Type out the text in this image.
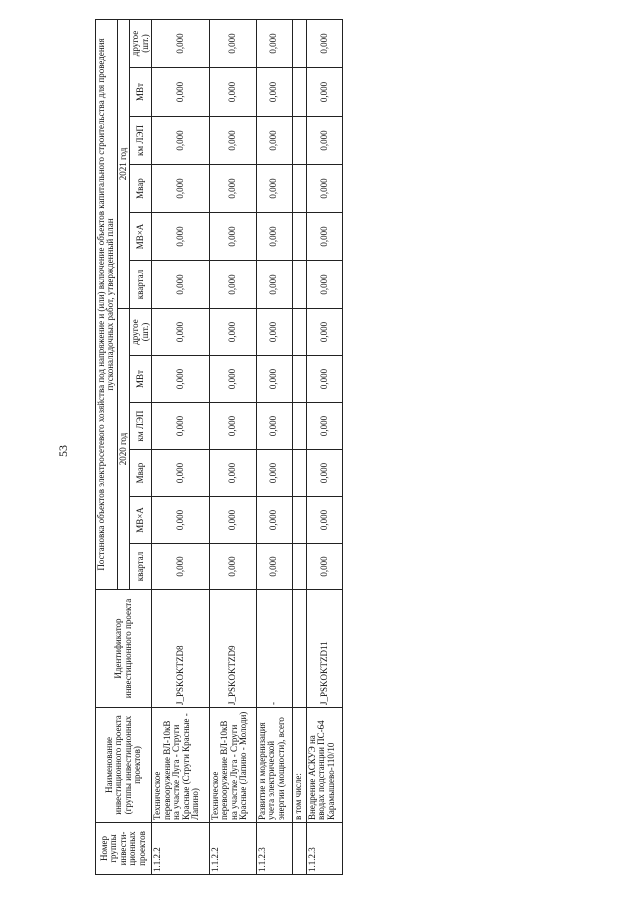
53
Номер группы инвести-ционных проектов	Наименование инвестиционного проекта (группы инвестиционных проектов)	Идентификатор инвестиционного проекта	Постановка объектов электросетевого хозяйства под напряжение и (или) включение объектов капитального строительства для проведения пусконаладочных работ, утвержденный план											
			2020 год						2021 год					
			квартал	МВ×А	Мвар	км ЛЭП	МВт	другое (шт.)	квартал	МВ×А	Мвар	км ЛЭП	МВт	другое (шт.)
1.1.2.2	Техническое перевооружение ВЛ-10кВ на участке Луга - Струги Красные (Струги Красные - Лапино)	J_PSKOKTZD8	0,000	0,000	0,000	0,000	0,000	0,000	0,000	0,000	0,000	0,000	0,000	0,000
1.1.2.2	Техническое перевооружение ВЛ-10кВ на участке Луга - Струги Красные (Лапино - Молоди)	J_PSKOKTZD9	0,000	0,000	0,000	0,000	0,000	0,000	0,000	0,000	0,000	0,000	0,000	0,000
1.1.2.3	Развитие и модернизация учета электрической энергии (мощности), всего	-	0,000	0,000	0,000	0,000	0,000	0,000	0,000	0,000	0,000	0,000	0,000	0,000
	в том числе:													
1.1.2.3	Внедрение АСКУЭ на вводах подстанции ПС-64 Карамышево-110/10	J_PSKOKTZD11	0,000	0,000	0,000	0,000	0,000	0,000	0,000	0,000	0,000	0,000	0,000	0,000
